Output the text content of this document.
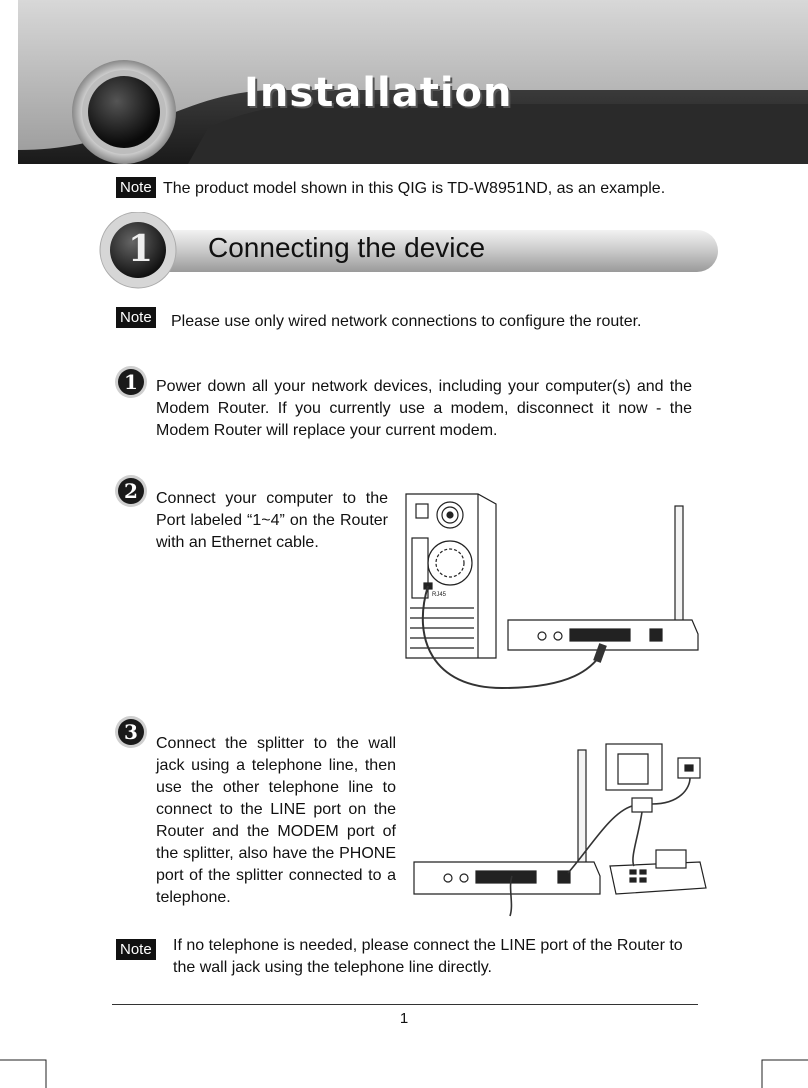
Installation
Note The product model shown in this QIG is TD-W8951ND, as an example.
1 Connecting the device
Note Please use only wired network connections to configure the router.
1	Power down all your network devices, including your computer(s) and the Modem Router. If you currently use a modem, disconnect it now - the Modem Router will replace your current modem.
2	Connect your computer to the Port labeled “1~4” on the Router with an Ethernet cable.
RJ45
3	Connect the splitter to the wall jack using a telephone line, then use the other telephone line to connect to the LINE port on the Router and the MODEM port of the splitter, also have the PHONE port of the splitter connected to a telephone.
Note If no telephone is needed, please connect the LINE port of the Router to the wall jack using the telephone line directly.
1
